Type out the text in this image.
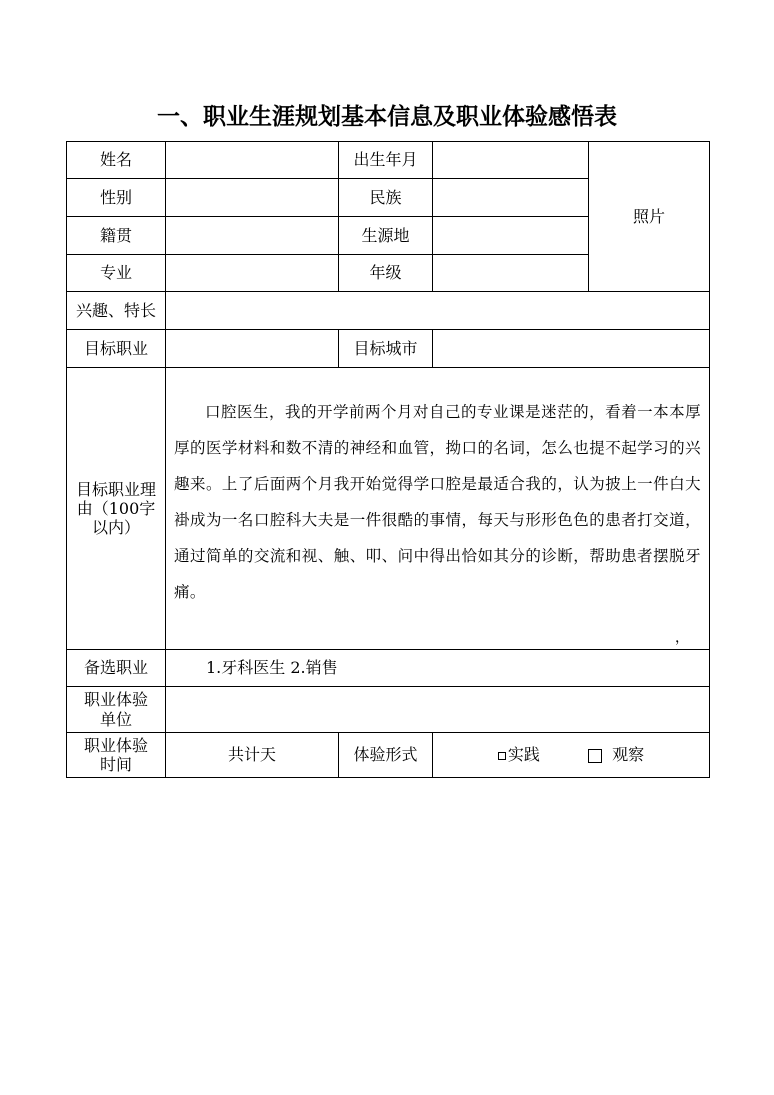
一、职业生涯规划基本信息及职业体验感悟表
姓名		出生年月		照片
性别		民族		
籍贯		生源地		
专业		年级		
兴趣、特长				
目标职业		目标城市		
目标职业理由（100字以内）	口腔医生，我的开学前两个月对自己的专业课是迷茫的，看着一本本厚厚的医学材料和数不清的神经和血管，拗口的名词，怎么也提不起学习的兴趣来。上了后面两个月我开始觉得学口腔是最适合我的，认为披上一件白大褂成为一名口腔科大夫是一件很酷的事情，每天与形形色色的患者打交道，通过简单的交流和视、触、叩、问中得出恰如其分的诊断，帮助患者摆脱牙痛。
，			

备选职业	1.牙科医生 2.销售			
职业体验单位				
职业体验时间	共计天	体验形式	实践 观察	
